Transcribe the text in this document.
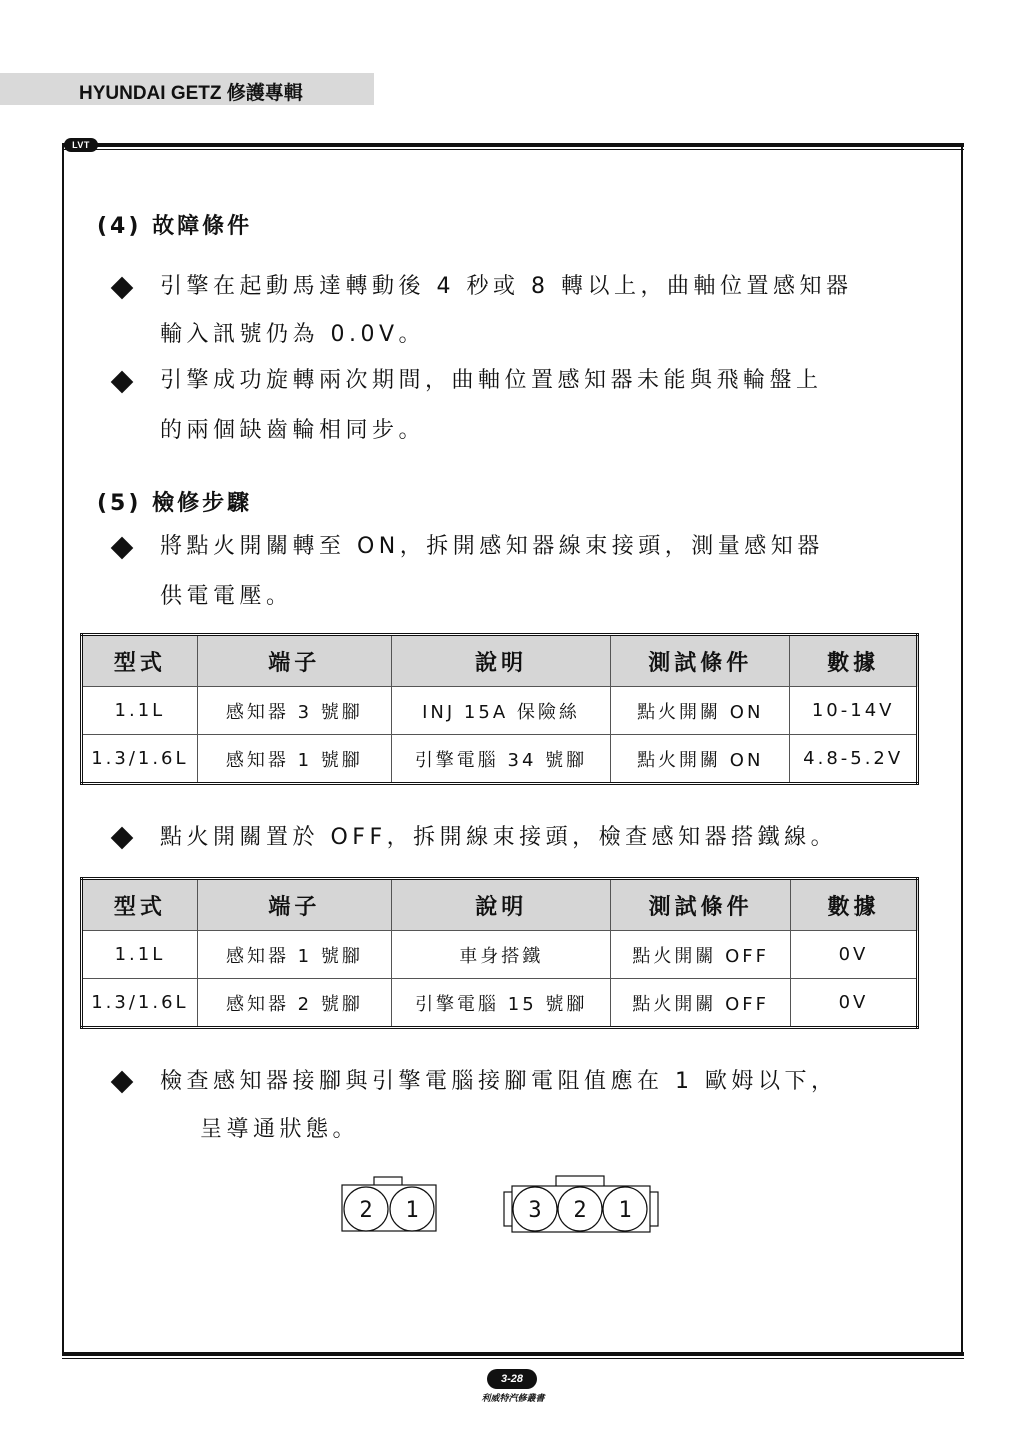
HYUNDAI GETZ 修護專輯
LVT
(4) 故障條件
引擎在起動馬達轉動後 4 秒或 8 轉以上，曲軸位置感知器
輸入訊號仍為 0.0V。
引擎成功旋轉兩次期間，曲軸位置感知器未能與飛輪盤上
的兩個缺齒輪相同步。
(5) 檢修步驟
將點火開關轉至 ON，拆開感知器線束接頭，測量感知器
供電電壓。
型式	端子	說明	測試條件	數據
1.1L	感知器 3 號腳	INJ 15A 保險絲	點火開關 ON	10-14V
1.3/1.6L	感知器 1 號腳	引擎電腦 34 號腳	點火開關 ON	4.8-5.2V
點火開關置於 OFF，拆開線束接頭，檢查感知器搭鐵線。
型式	端子	說明	測試條件	數據
1.1L	感知器 1 號腳	車身搭鐵	點火開關 OFF	0V
1.3/1.6L	感知器 2 號腳	引擎電腦 15 號腳	點火開關 OFF	0V
檢查感知器接腳與引擎電腦接腳電阻值應在 1 歐姆以下，
呈導通狀態。
2 1	3 2 1
3-28
利威特汽修叢書
